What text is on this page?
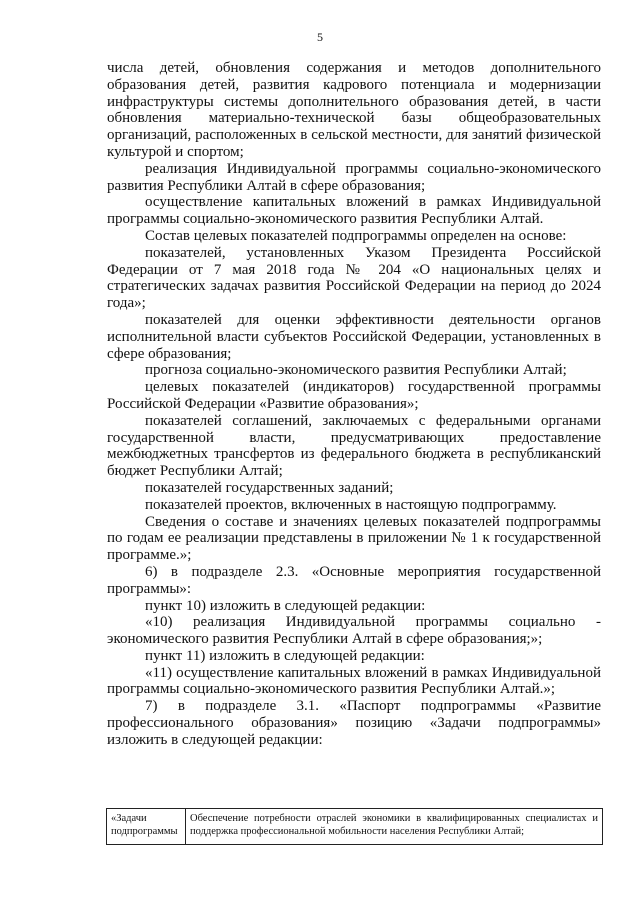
5

числа детей, обновления содержания и методов дополнительного образования детей, развития кадрового потенциала и модернизации инфраструктуры системы дополнительного образования детей, в части обновления материально-технической базы общеобразовательных организаций, расположенных в сельской местности, для занятий физической культурой и спортом;

реализация Индивидуальной программы социально-экономического развития Республики Алтай в сфере образования;

осуществление капитальных вложений в рамках Индивидуальной программы социально-экономического развития Республики Алтай.

Состав целевых показателей подпрограммы определен на основе:

показателей, установленных Указом Президента Российской Федерации от 7 мая 2018 года № 204 «О национальных целях и стратегических задачах развития Российской Федерации на период до 2024 года»;

показателей для оценки эффективности деятельности органов исполнительной власти субъектов Российской Федерации, установленных в сфере образования;

прогноза социально-экономического развития Республики Алтай;

целевых показателей (индикаторов) государственной программы Российской Федерации «Развитие образования»;

показателей соглашений, заключаемых с федеральными органами государственной власти, предусматривающих предоставление межбюджетных трансфертов из федерального бюджета в республиканский бюджет Республики Алтай;

показателей государственных заданий;

показателей проектов, включенных в настоящую подпрограмму.

Сведения о составе и значениях целевых показателей подпрограммы по годам ее реализации представлены в приложении № 1 к государственной программе.»;

6) в подразделе 2.3. «Основные мероприятия государственной программы»:

пункт 10) изложить в следующей редакции:

«10) реализация Индивидуальной программы социально - экономического развития Республики Алтай в сфере образования;»;

пункт 11) изложить в следующей редакции:

«11) осуществление капитальных вложений в рамках Индивидуальной программы социально-экономического развития Республики Алтай.»;

7) в подразделе 3.1. «Паспорт подпрограммы «Развитие профессионального образования» позицию «Задачи подпрограммы» изложить в следующей редакции:

«Задачи подпрограммы	Обеспечение потребности отраслей экономики в квалифицированных специалистах и поддержка профессиональной мобильности населения Республики Алтай;
